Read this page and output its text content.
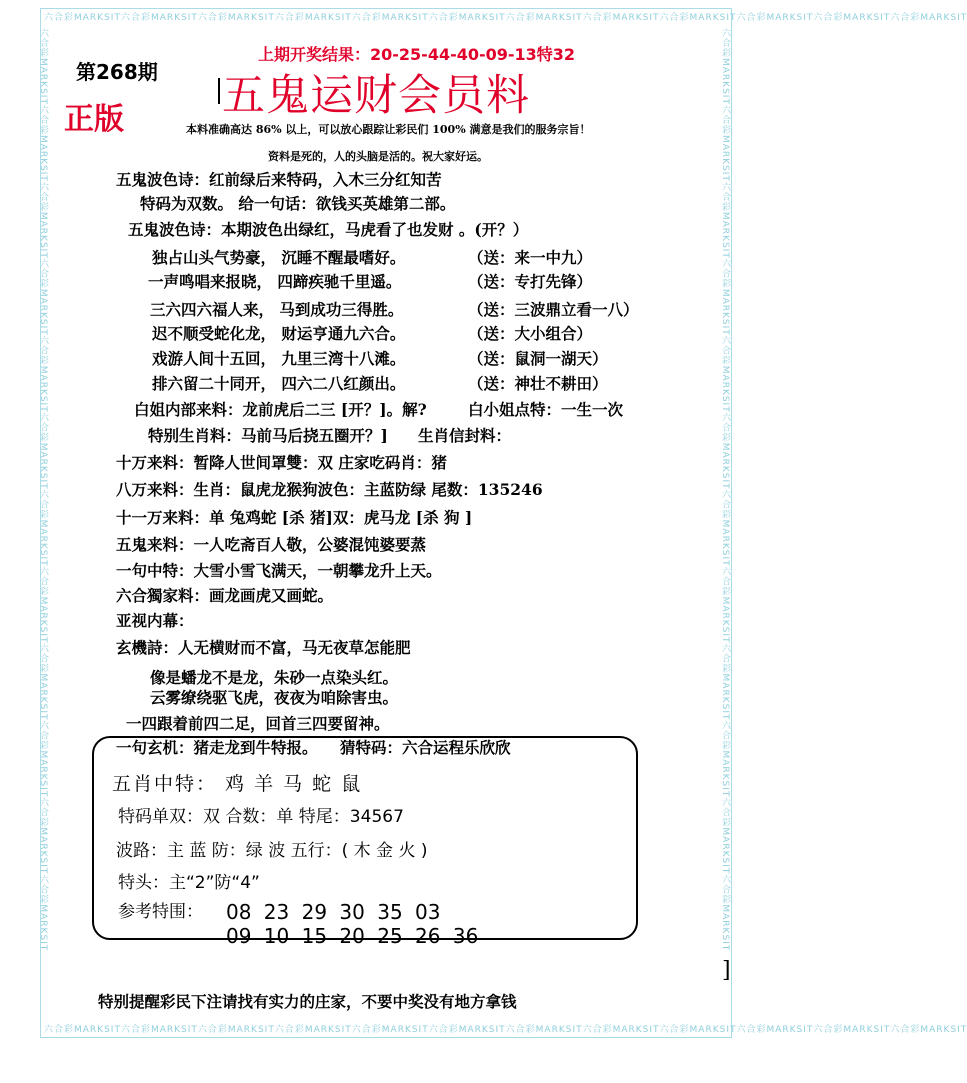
六合彩MARKSIT六合彩MARKSIT六合彩MARKSIT六合彩MARKSIT六合彩MARKSIT六合彩MARKSIT六合彩MARKSIT六合彩MARKSIT六合彩MARKSIT六合彩MARKSIT六合彩MARKSIT六合彩MARKSIT
六合彩MARKSIT六合彩MARKSIT六合彩MARKSIT六合彩MARKSIT六合彩MARKSIT六合彩MARKSIT六合彩MARKSIT六合彩MARKSIT六合彩MARKSIT六合彩MARKSIT六合彩MARKSIT六合彩MARKSIT
六合彩MARKSIT六合彩MARKSIT六合彩MARKSIT六合彩MARKSIT六合彩MARKSIT六合彩MARKSIT六合彩MARKSIT六合彩MARKSIT六合彩MARKSIT六合彩MARKSIT六合彩MARKSIT六合彩MARKSIT	六合彩MARKSIT六合彩MARKSIT六合彩MARKSIT六合彩MARKSIT六合彩MARKSIT六合彩MARKSIT六合彩MARKSIT六合彩MARKSIT六合彩MARKSIT六合彩MARKSIT六合彩MARKSIT六合彩MARKSIT
第268期
正版
上期开奖结果：20-25-44-40-09-13特32
五鬼运财会员料
本料准确高达 86% 以上，可以放心跟踪让彩民们 100% 满意是我们的服务宗旨！
资料是死的，人的头脑是活的。祝大家好运。
五鬼波色诗：红前绿后来特码，入木三分红知苦
特码为双数。 给一句话：欲钱买英雄第二部。
五鬼波色诗：本期波色出绿红，马虎看了也发财 。(开？）
独占山头气势豪， 沉睡不醒最嗜好。	（送：来一中九）
一声鸣唱来报晓， 四蹄疾驰千里遥。	（送：专打先锋）
三六四六福人来， 马到成功三得胜。	（送：三波鼎立看一八）
迟不顺受蛇化龙， 财运亨通九六合。	（送：大小组合）
戏游人间十五回， 九里三湾十八滩。	（送：鼠洞一湖天）
排六留二十同开， 四六二八红颜出。	（送：神壮不耕田）
白姐内部来料：龙前虎后二三 [开？]。解?	白小姐点特：一生一次
特别生肖料：马前马后挠五圈开？] 生肖信封料：
十万来料：暂降人世间罩雙：双 庄家吃码肖：猪
八万来料：生肖：鼠虎龙猴狗波色：主蓝防绿 尾数：135246
十一万来料：单 兔鸡蛇 [杀 猪]双：虎马龙 [杀 狗 ]
五鬼来料：一人吃斋百人敬，公婆混饨婆要蒸
一句中特：大雪小雪飞满天，一朝攀龙升上天。
六合獨家料：画龙画虎又画蛇。
亚视内幕：
玄機詩：人无横财而不富，马无夜草怎能肥
像是蟠龙不是龙，朱砂一点染头红。
云雾缭绕驱飞虎，夜夜为咱除害虫。
一四跟着前四二足，回首三四要留神。
一句玄机：猪走龙到牛特报。 猜特码：六合运程乐欣欣
五肖中特： 鸡 羊 马 蛇 鼠
特码单双：双 合数：单 特尾：34567
波路：主 蓝 防：绿 波 五行：( 木 金 火 )
特头：主“2”防“4”
参考特围： 08 23 29 30 35 03
09 10 15 20 25 26 36
]
特别提醒彩民下注请找有实力的庄家，不要中奖没有地方拿钱
